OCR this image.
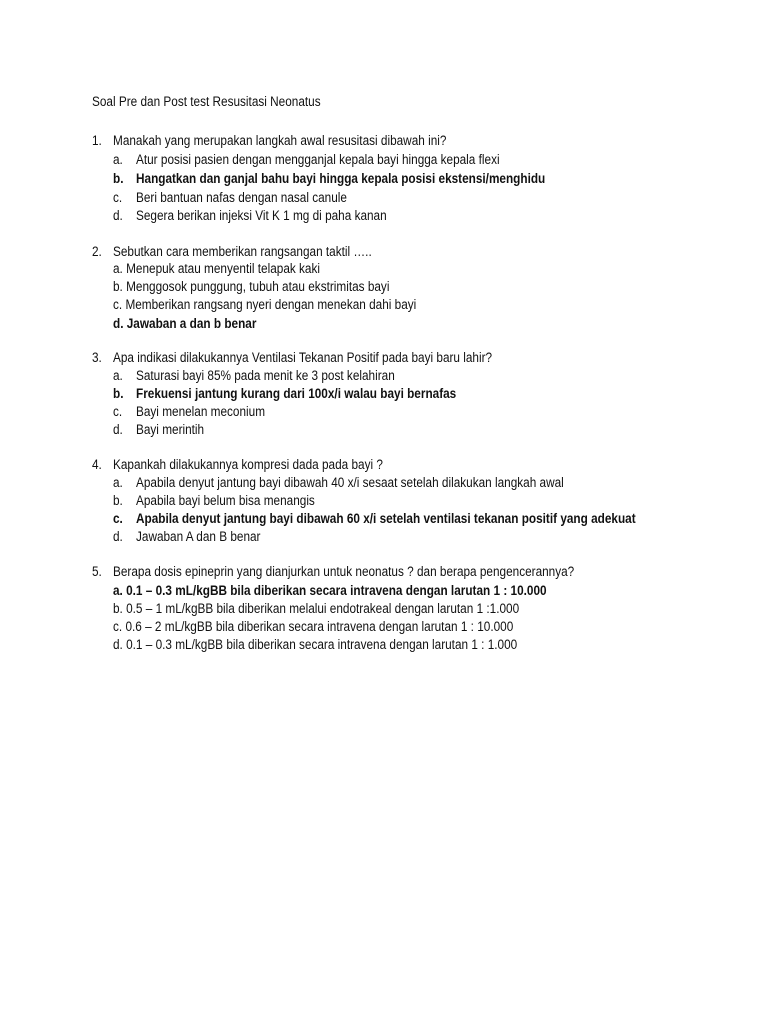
Soal Pre dan Post test Resusitasi Neonatus
1. Manakah yang merupakan langkah awal resusitasi dibawah ini?
a. Atur posisi pasien dengan mengganjal kepala bayi hingga kepala flexi
b. Hangatkan dan ganjal bahu bayi hingga kepala posisi ekstensi/menghidu
c. Beri bantuan nafas dengan nasal canule
d. Segera berikan injeksi Vit K 1 mg di paha kanan
2. Sebutkan cara memberikan rangsangan taktil …..
a. Menepuk atau menyentil telapak kaki
b. Menggosok punggung, tubuh atau ekstrimitas bayi
c. Memberikan rangsang nyeri dengan menekan dahi bayi
d. Jawaban a dan b benar
3. Apa indikasi dilakukannya Ventilasi Tekanan Positif pada bayi baru lahir?
a. Saturasi bayi 85% pada menit ke 3 post kelahiran
b. Frekuensi jantung kurang dari 100x/i walau bayi bernafas
c. Bayi menelan meconium
d. Bayi merintih
4. Kapankah dilakukannya kompresi dada pada bayi ?
a. Apabila denyut jantung bayi dibawah 40 x/i sesaat setelah dilakukan langkah awal
b. Apabila bayi belum bisa menangis
c. Apabila denyut jantung bayi dibawah 60 x/i setelah ventilasi tekanan positif yang adekuat
d. Jawaban A dan B benar
5. Berapa dosis epineprin yang dianjurkan untuk neonatus ? dan berapa pengencerannya?
a. 0.1 – 0.3 mL/kgBB bila diberikan secara intravena dengan larutan 1 : 10.000
b. 0.5 – 1 mL/kgBB bila diberikan melalui endotrakeal dengan larutan 1 :1.000
c. 0.6 – 2 mL/kgBB bila diberikan secara intravena dengan larutan 1 : 10.000
d. 0.1 – 0.3 mL/kgBB bila diberikan secara intravena dengan larutan 1 : 1.000
